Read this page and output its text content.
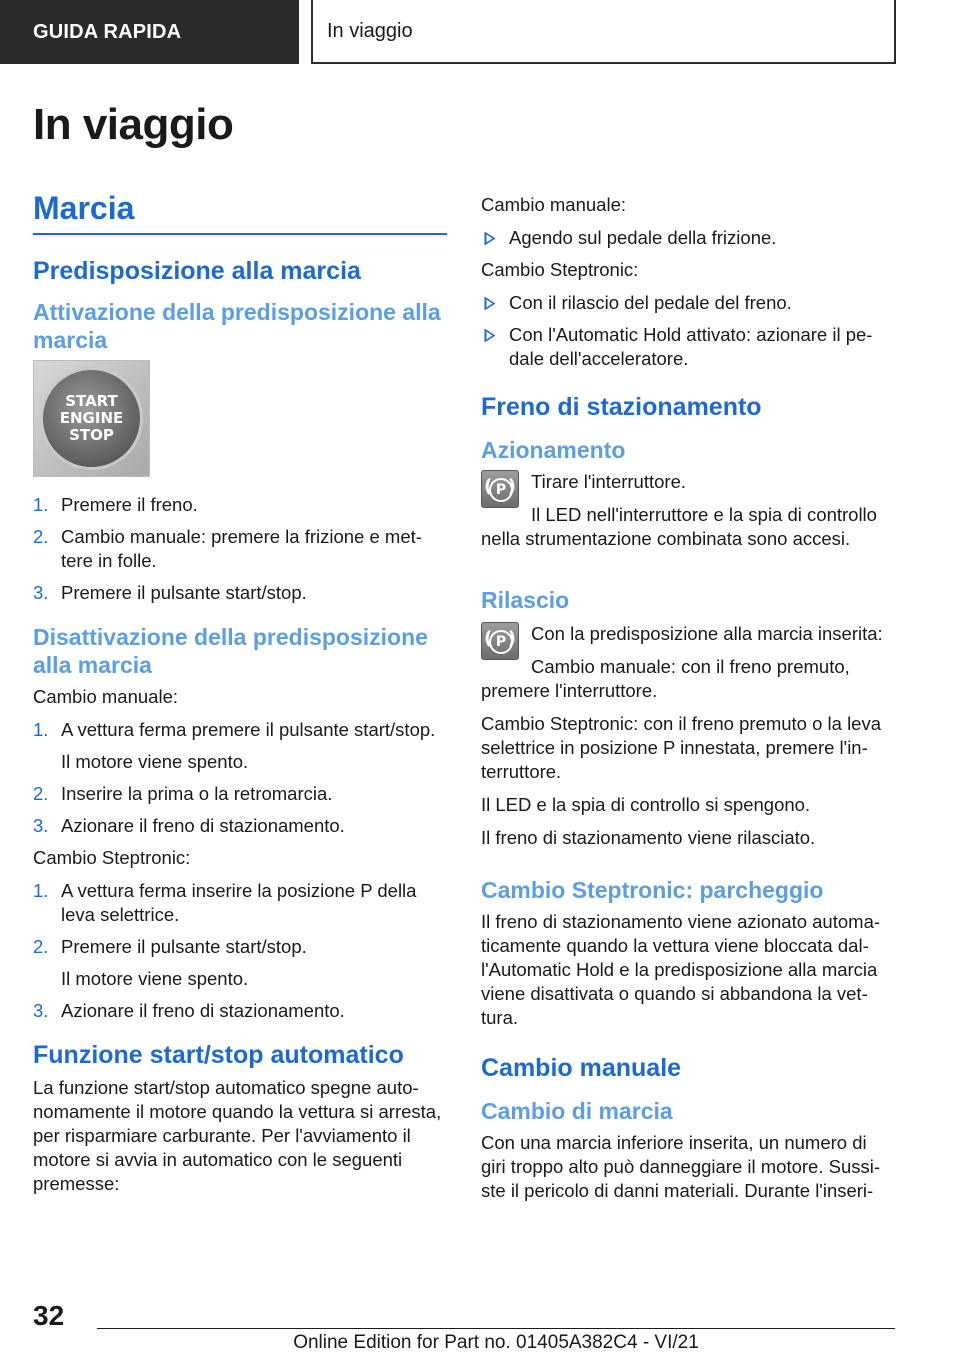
GUIDA RAPIDA	In viaggio
In viaggio
Marcia
Predisposizione alla marcia
Attivazione della predisposizione alla marcia
START ENGINE STOP
1. Premere il freno.
2. Cambio manuale: premere la frizione e mettere in folle.
3. Premere il pulsante start/stop.
Disattivazione della predisposizione alla marcia

Cambio manuale:

1. A vettura ferma premere il pulsante start/stop.
Il motore viene spento.
2. Inserire la prima o la retromarcia.
3. Azionare il freno di stazionamento.

Cambio Steptronic:

1. A vettura ferma inserire la posizione P della leva selettrice.
2. Premere il pulsante start/stop.
Il motore viene spento.
3. Azionare il freno di stazionamento.
Funzione start/stop automatico

La funzione start/stop automatico spegne autonomamente il motore quando la vettura si arresta, per risparmiare carburante. Per l'avviamento il motore si avvia in automatico con le seguenti premesse:

Cambio manuale:

Agendo sul pedale della frizione.

Cambio Steptronic:

Con il rilascio del pedale del freno.
Con l'Automatic Hold attivato: azionare il pedale dell'acceleratore.
Freno di stazionamento
Azionamento
( P ) Tirare l'interruttore.

Il LED nell'interruttore e la spia di controllo nella strumentazione combinata sono accesi.

Rilascio
( P ) Con la predisposizione alla marcia inserita:

Cambio manuale: con il freno premuto, premere l'interruttore.

Cambio Steptronic: con il freno premuto o la leva selettrice in posizione P innestata, premere l'interruttore.

Il LED e la spia di controllo si spengono.

Il freno di stazionamento viene rilasciato.

Cambio Steptronic: parcheggio

Il freno di stazionamento viene azionato automaticamente quando la vettura viene bloccata dall'Automatic Hold e la predisposizione alla marcia viene disattivata o quando si abbandona la vettura.

Cambio manuale
Cambio di marcia

Con una marcia inferiore inserita, un numero di giri troppo alto può danneggiare il motore. Sussiste il pericolo di danni materiali. Durante l'inseri-

32

Online Edition for Part no. 01405A382C4 - VI/21
